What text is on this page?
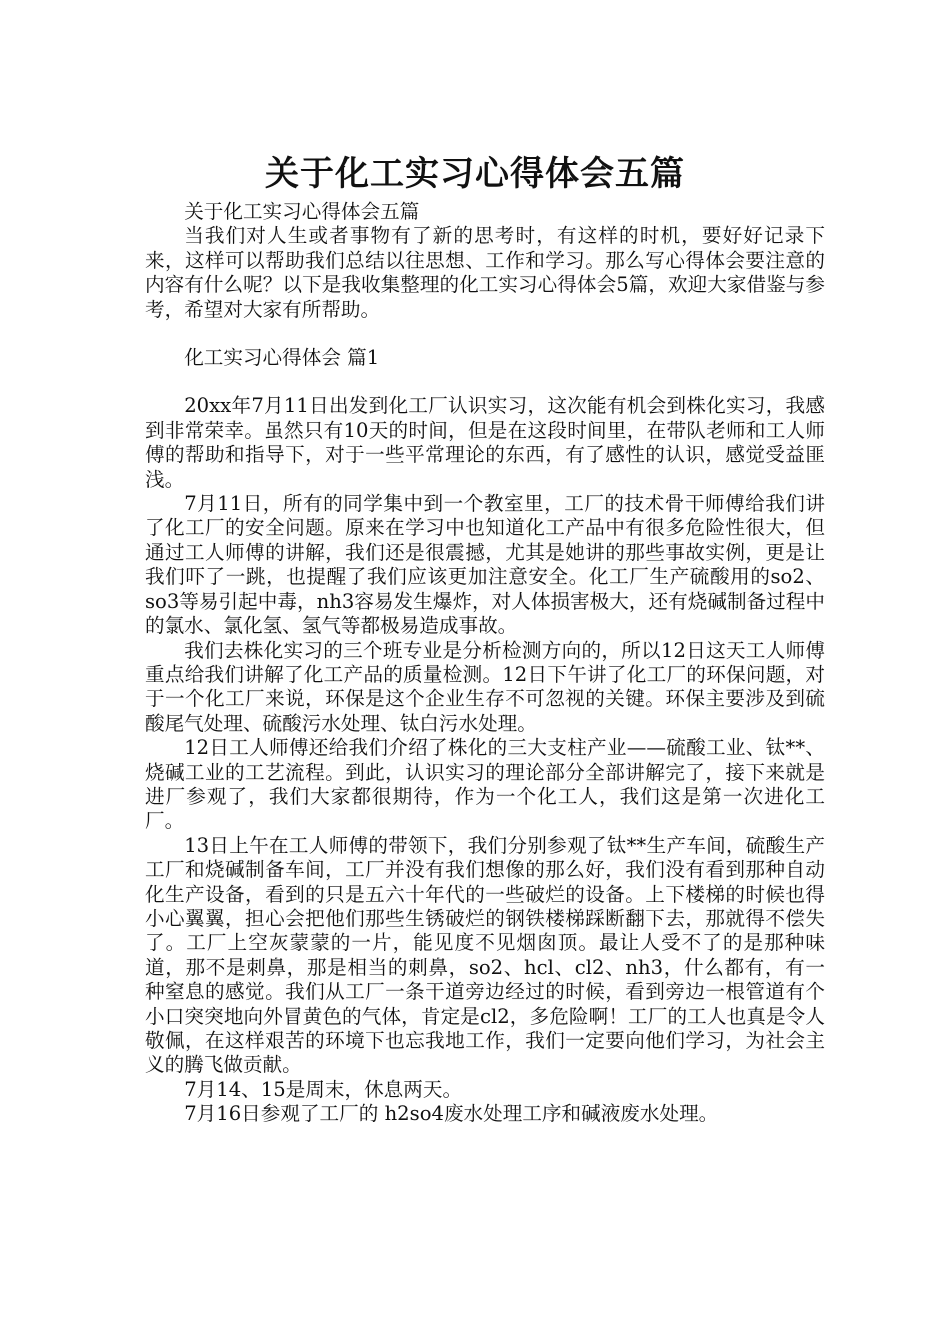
关于化工实习心得体会五篇

关于化工实习心得体会五篇

当我们对人生或者事物有了新的思考时，有这样的时机，要好好记录下来，这样可以帮助我们总结以往思想、工作和学习。那么写心得体会要注意的内容有什么呢？以下是我收集整理的化工实习心得体会5篇，欢迎大家借鉴与参考，希望对大家有所帮助。

化工实习心得体会 篇1

20xx年7月11日出发到化工厂认识实习，这次能有机会到株化实习，我感到非常荣幸。虽然只有10天的时间，但是在这段时间里，在带队老师和工人师傅的帮助和指导下，对于一些平常理论的东西，有了感性的认识，感觉受益匪浅。

7月11日，所有的同学集中到一个教室里，工厂的技术骨干师傅给我们讲了化工厂的安全问题。原来在学习中也知道化工产品中有很多危险性很大，但通过工人师傅的讲解，我们还是很震撼，尤其是她讲的那些事故实例，更是让我们吓了一跳，也提醒了我们应该更加注意安全。化工厂生产硫酸用的so2、so3等易引起中毒，nh3容易发生爆炸，对人体损害极大，还有烧碱制备过程中的氯水、氯化氢、氢气等都极易造成事故。

我们去株化实习的三个班专业是分析检测方向的，所以12日这天工人师傅重点给我们讲解了化工产品的质量检测。12日下午讲了化工厂的环保问题，对于一个化工厂来说，环保是这个企业生存不可忽视的关键。环保主要涉及到硫酸尾气处理、硫酸污水处理、钛白污水处理。

12日工人师傅还给我们介绍了株化的三大支柱产业——硫酸工业、钛**、烧碱工业的工艺流程。到此，认识实习的理论部分全部讲解完了，接下来就是进厂参观了，我们大家都很期待，作为一个化工人，我们这是第一次进化工厂。

13日上午在工人师傅的带领下，我们分别参观了钛**生产车间，硫酸生产工厂和烧碱制备车间，工厂并没有我们想像的那么好，我们没有看到那种自动化生产设备，看到的只是五六十年代的一些破烂的设备。上下楼梯的时候也得小心翼翼，担心会把他们那些生锈破烂的钢铁楼梯踩断翻下去，那就得不偿失了。工厂上空灰蒙蒙的一片，能见度不见烟囱顶。最让人受不了的是那种味道，那不是刺鼻，那是相当的刺鼻，so2、hcl、cl2、nh3，什么都有，有一种窒息的感觉。我们从工厂一条干道旁边经过的时候，看到旁边一根管道有个小口突突地向外冒黄色的气体，肯定是cl2，多危险啊！工厂的工人也真是令人敬佩，在这样艰苦的环境下也忘我地工作，我们一定要向他们学习，为社会主义的腾飞做贡献。

7月14、15是周末，休息两天。

7月16日参观了工厂的 h2so4废水处理工序和碱液废水处理。
